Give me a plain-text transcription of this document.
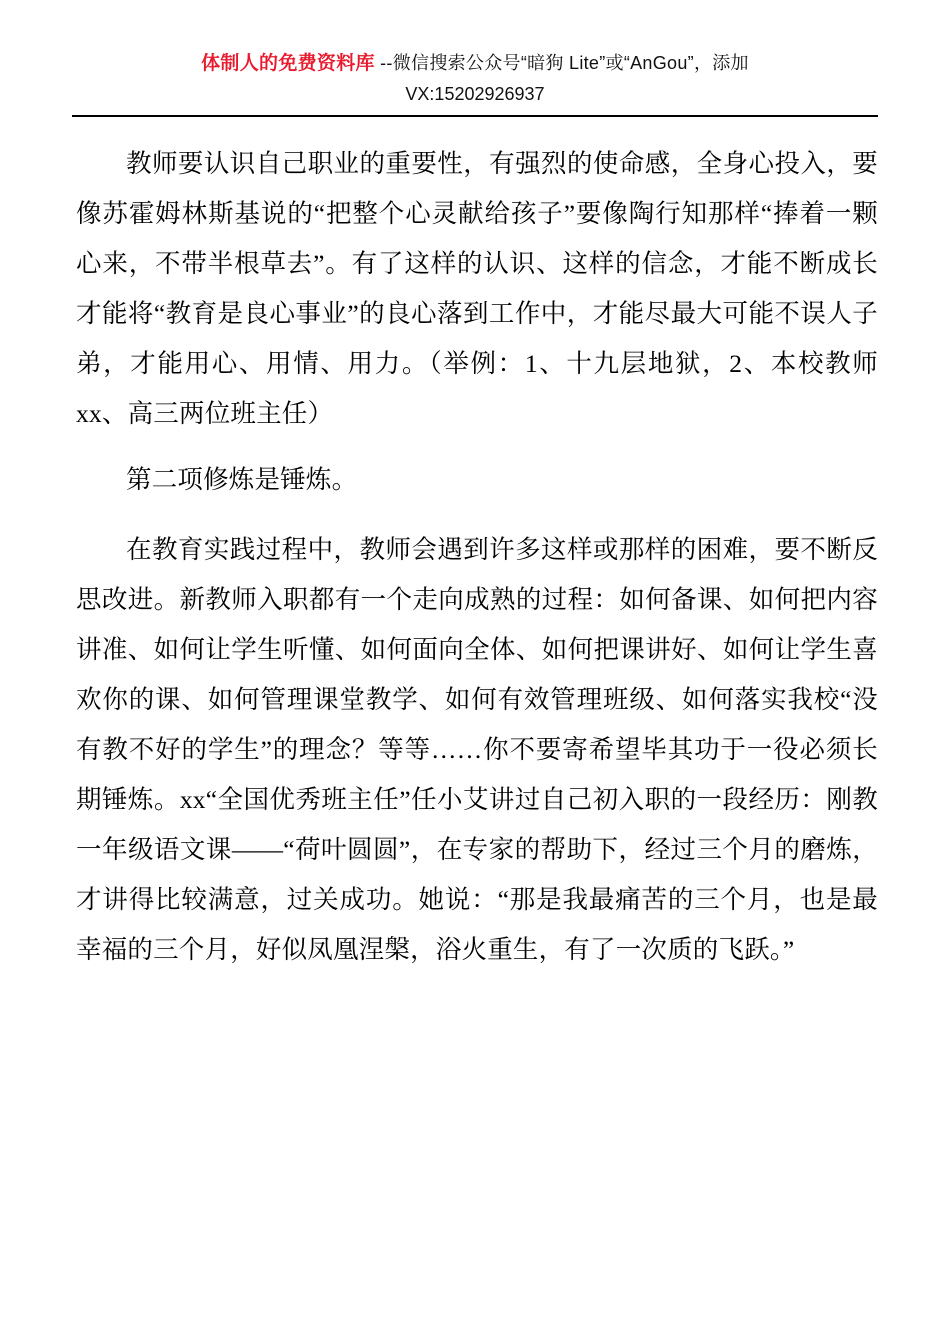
体制人的免费资料库 --微信搜索公众号“暗狗 Lite”或“AnGou”，添加
VX:15202926937

教师要认识自己职业的重要性，有强烈的使命感，全身心投入，要像苏霍姆林斯基说的“把整个心灵献给孩子”要像陶行知那样“捧着一颗心来，不带半根草去”。有了这样的认识、这样的信念，才能不断成长才能将“教育是良心事业”的良心落到工作中，才能尽最大可能不误人子弟，才能用心、用情、用力。（举例：1、十九层地狱，2、本校教师xx、高三两位班主任）

第二项修炼是锤炼。

在教育实践过程中，教师会遇到许多这样或那样的困难，要不断反思改进。新教师入职都有一个走向成熟的过程：如何备课、如何把内容讲准、如何让学生听懂、如何面向全体、如何把课讲好、如何让学生喜欢你的课、如何管理课堂教学、如何有效管理班级、如何落实我校“没有教不好的学生”的理念？等等……你不要寄希望毕其功于一役必须长期锤炼。xx“全国优秀班主任”任小艾讲过自己初入职的一段经历：刚教一年级语文课——“荷叶圆圆”，在专家的帮助下，经过三个月的磨炼，才讲得比较满意，过关成功。她说：“那是我最痛苦的三个月，也是最幸福的三个月，好似凤凰涅槃，浴火重生，有了一次质的飞跃。”
